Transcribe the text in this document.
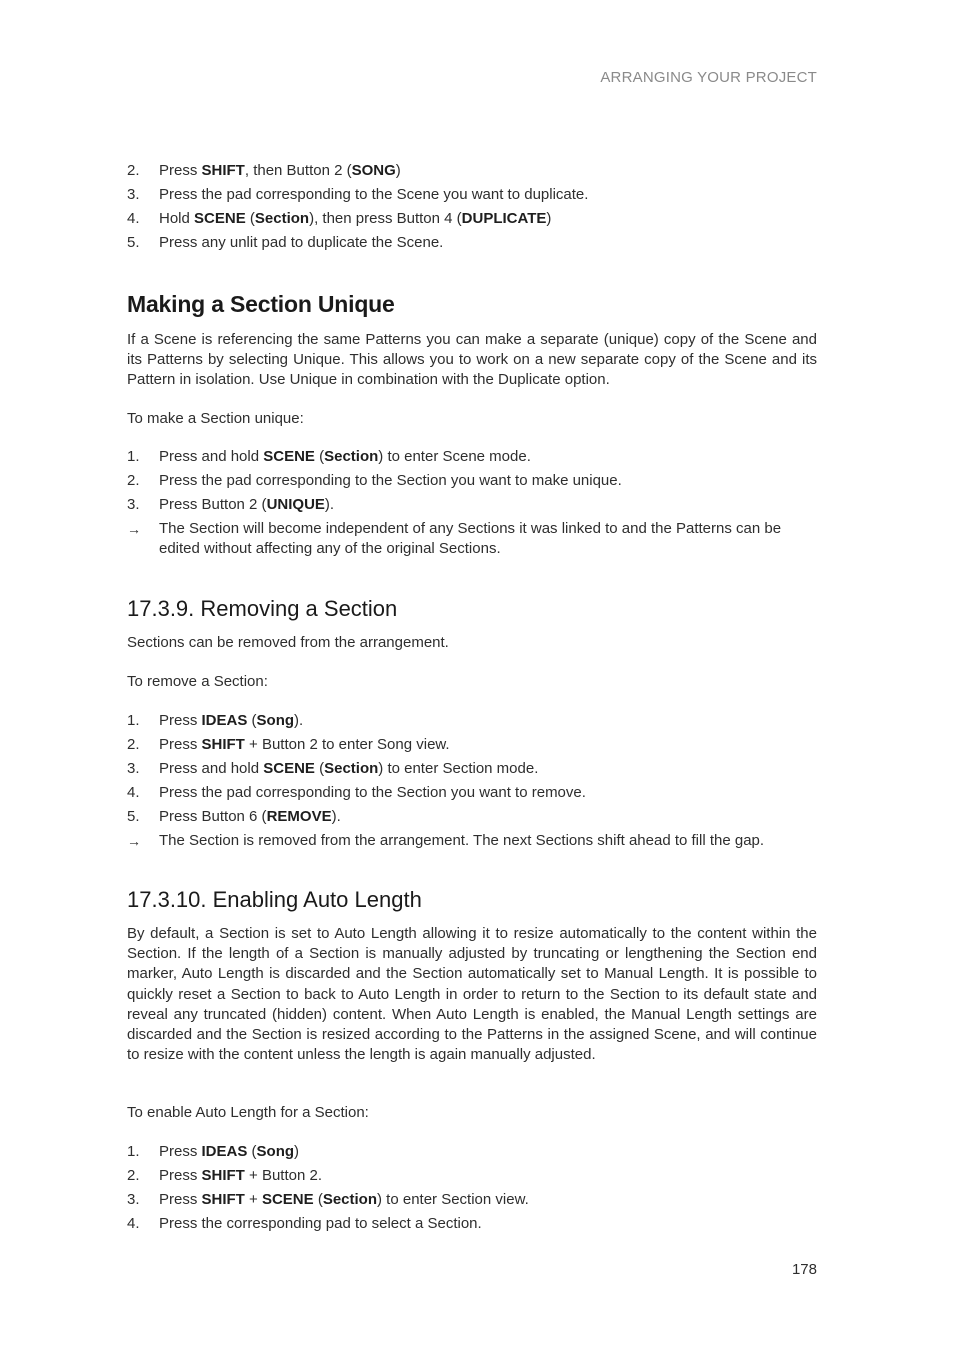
ARRANGING YOUR PROJECT
2. Press SHIFT, then Button 2 (SONG)
3. Press the pad corresponding to the Scene you want to duplicate.
4. Hold SCENE (Section), then press Button 4 (DUPLICATE)
5. Press any unlit pad to duplicate the Scene.
Making a Section Unique

If a Scene is referencing the same Patterns you can make a separate (unique) copy of the Scene and its Patterns by selecting Unique. This allows you to work on a new separate copy of the Scene and its Pattern in isolation. Use Unique in combination with the Duplicate option.

To make a Section unique:

1. Press and hold SCENE (Section) to enter Scene mode.
2. Press the pad corresponding to the Section you want to make unique.
3. Press Button 2 (UNIQUE).
→ The Section will become independent of any Sections it was linked to and the Patterns can be edited without affecting any of the original Sections.
17.3.9. Removing a Section

Sections can be removed from the arrangement.

To remove a Section:

1. Press IDEAS (Song).
2. Press SHIFT + Button 2 to enter Song view.
3. Press and hold SCENE (Section) to enter Section mode.
4. Press the pad corresponding to the Section you want to remove.
5. Press Button 6 (REMOVE).
→ The Section is removed from the arrangement. The next Sections shift ahead to fill the gap.
17.3.10. Enabling Auto Length

By default, a Section is set to Auto Length allowing it to resize automatically to the content within the Section. If the length of a Section is manually adjusted by truncating or lengthening the Section end marker, Auto Length is discarded and the Section automatically set to Manual Length. It is possible to quickly reset a Section to back to Auto Length in order to return to the Section to its default state and reveal any truncated (hidden) content. When Auto Length is enabled, the Manual Length settings are discarded and the Section is resized according to the Patterns in the assigned Scene, and will continue to resize with the content unless the length is again manually adjusted.

To enable Auto Length for a Section:

1. Press IDEAS (Song)
2. Press SHIFT + Button 2.
3. Press SHIFT + SCENE (Section) to enter Section view.
4. Press the corresponding pad to select a Section.
178
